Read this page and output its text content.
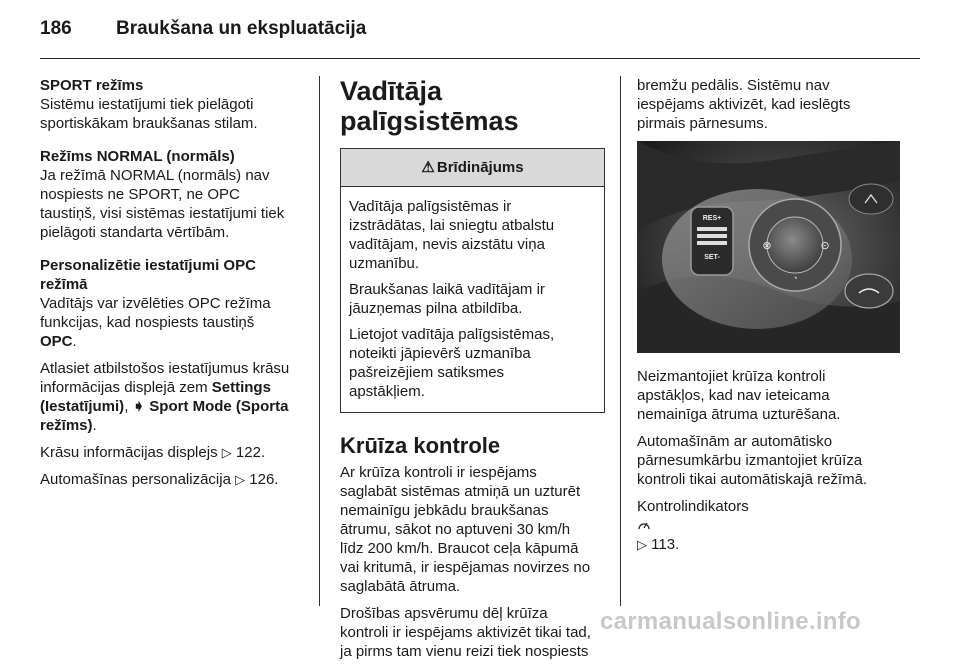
186 Braukšana un ekspluatācija
SPORT režīms

Sistēmu iestatījumi tiek pielāgoti
sportiskākam braukšanas stilam.

Režīms NORMAL (normāls)

Ja režīmā NORMAL (normāls) nav
nospiests ne SPORT, ne OPC
taustiņš, visi sistēmas iestatījumi tiek
pielāgoti standarta vērtībām.

Personalizētie iestatījumi OPC
režīmā

Vadītājs var izvēlēties OPC režīma
funkcijas, kad nospiests taustiņš
OPC.

Atlasiet atbilstošos iestatījumus krāsu
informācijas displejā zem Settings
(Iestatījumi), ➧ Sport Mode (Sporta
režīms).

Krāsu informācijas displejs ▷ 122.

Automašīnas personalizācija ▷ 126.

Vadītāja palīgsistēmas
⚠ Brīdinājums

Vadītāja palīgsistēmas ir
izstrādātas, lai sniegtu atbalstu
vadītājam, nevis aizstātu viņa
uzmanību.

Braukšanas laikā vadītājam ir
jāuzņemas pilna atbildība.

Lietojot vadītāja palīgsistēmas,
noteikti jāpievērš uzmanība
pašreizējiem satiksmes
apstākļiem.

Krūīza kontrole

Ar krūīza kontroli ir iespējams
saglabāt sistēmas atmiņā un uzturēt
nemainīgu jebkādu braukšanas
ātrumu, sākot no aptuveni 30 km/h
līdz 200 km/h. Braucot ceļa kāpumā
vai kritumā, ir iespējamas novirzes no
saglabātā ātruma.

Drošības apsvērumu dēļ krūīza
kontroli ir iespējams aktivizēt tikai tad,
ja pirms tam vienu reizi tiek nospiests

bremžu pedālis. Sistēmu nav
iespējams aktivizēt, kad ieslēgts
pirmais pārnesums.

RES+
SET-
⊗	⊙
◔

Neizmantojiet krūīza kontroli
apstākļos, kad nav ieteicama
nemainīga ātruma uzturēšana.

Automašīnām ar automātisko
pārnesumkārbu izmantojiet krūīza
kontroli tikai automātiskajā režīmā.

Kontrolindikators

▷ 113.

carmanualsonline.info
